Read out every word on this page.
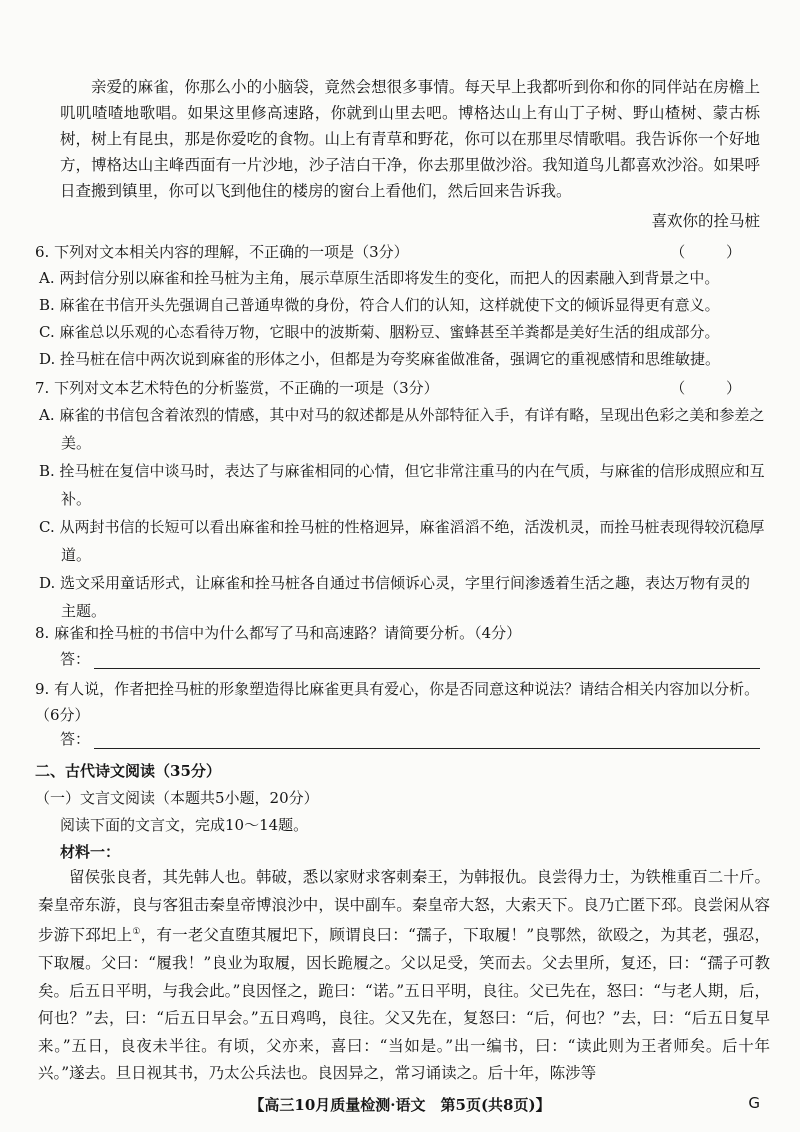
亲爱的麻雀，你那么小的小脑袋，竟然会想很多事情。每天早上我都听到你和你的同伴站在房檐上叽叽喳喳地歌唱。如果这里修高速路，你就到山里去吧。博格达山上有山丁子树、野山楂树、蒙古栎树，树上有昆虫，那是你爱吃的食物。山上有青草和野花，你可以在那里尽情歌唱。我告诉你一个好地方，博格达山主峰西面有一片沙地，沙子洁白干净，你去那里做沙浴。我知道鸟儿都喜欢沙浴。如果呼日查搬到镇里，你可以飞到他住的楼房的窗台上看他们，然后回来告诉我。

喜欢你的拴马桩

6. 下列对文本相关内容的理解，不正确的一项是（3分）	（ ）

A. 两封信分别以麻雀和拴马桩为主角，展示草原生活即将发生的变化，而把人的因素融入到背景之中。

B. 麻雀在书信开头先强调自己普通卑微的身份，符合人们的认知，这样就使下文的倾诉显得更有意义。

C. 麻雀总以乐观的心态看待万物，它眼中的波斯菊、胭粉豆、蜜蜂甚至羊粪都是美好生活的组成部分。

D. 拴马桩在信中两次说到麻雀的形体之小，但都是为夸奖麻雀做准备，强调它的重视感情和思维敏捷。

7. 下列对文本艺术特色的分析鉴赏，不正确的一项是（3分）	（ ）

A. 麻雀的书信包含着浓烈的情感，其中对马的叙述都是从外部特征入手，有详有略，呈现出色彩之美和参差之美。

B. 拴马桩在复信中谈马时，表达了与麻雀相同的心情，但它非常注重马的内在气质，与麻雀的信形成照应和互补。

C. 从两封书信的长短可以看出麻雀和拴马桩的性格迥异，麻雀滔滔不绝，活泼机灵，而拴马桩表现得较沉稳厚道。

D. 选文采用童话形式，让麻雀和拴马桩各自通过书信倾诉心灵，字里行间渗透着生活之趣，表达万物有灵的主题。

8. 麻雀和拴马桩的书信中为什么都写了马和高速路？请简要分析。（4分）

答：

9. 有人说，作者把拴马桩的形象塑造得比麻雀更具有爱心，你是否同意这种说法？请结合相关内容加以分析。（6分）

答：

二、古代诗文阅读（35分）

（一）文言文阅读（本题共5小题，20分）

阅读下面的文言文，完成10～14题。

材料一：

留侯张良者，其先韩人也。韩破，悉以家财求客刺秦王，为韩报仇。良尝得力士，为铁椎重百二十斤。秦皇帝东游，良与客狙击秦皇帝博浪沙中，误中副车。秦皇帝大怒，大索天下。良乃亡匿下邳。良尝闲从容步游下邳圯上①，有一老父直堕其履圯下，顾谓良曰：“孺子，下取履！”良鄂然，欲殴之，为其老，强忍，下取履。父曰：“履我！”良业为取履，因长跪履之。父以足受，笑而去。父去里所，复还，曰：“孺子可教矣。后五日平明，与我会此。”良因怪之，跪曰：“诺。”五日平明，良往。父已先在，怒曰：“与老人期，后，何也？”去，曰：“后五日早会。”五日鸡鸣，良往。父又先在，复怒曰：“后，何也？”去，曰：“后五日复早来。”五日，良夜未半往。有顷，父亦来，喜曰：“当如是。”出一编书，曰：“读此则为王者师矣。后十年兴。”遂去。旦日视其书，乃太公兵法也。良因异之，常习诵读之。后十年，陈涉等

【高三10月质量检测·语文　第5页(共8页)】	G
